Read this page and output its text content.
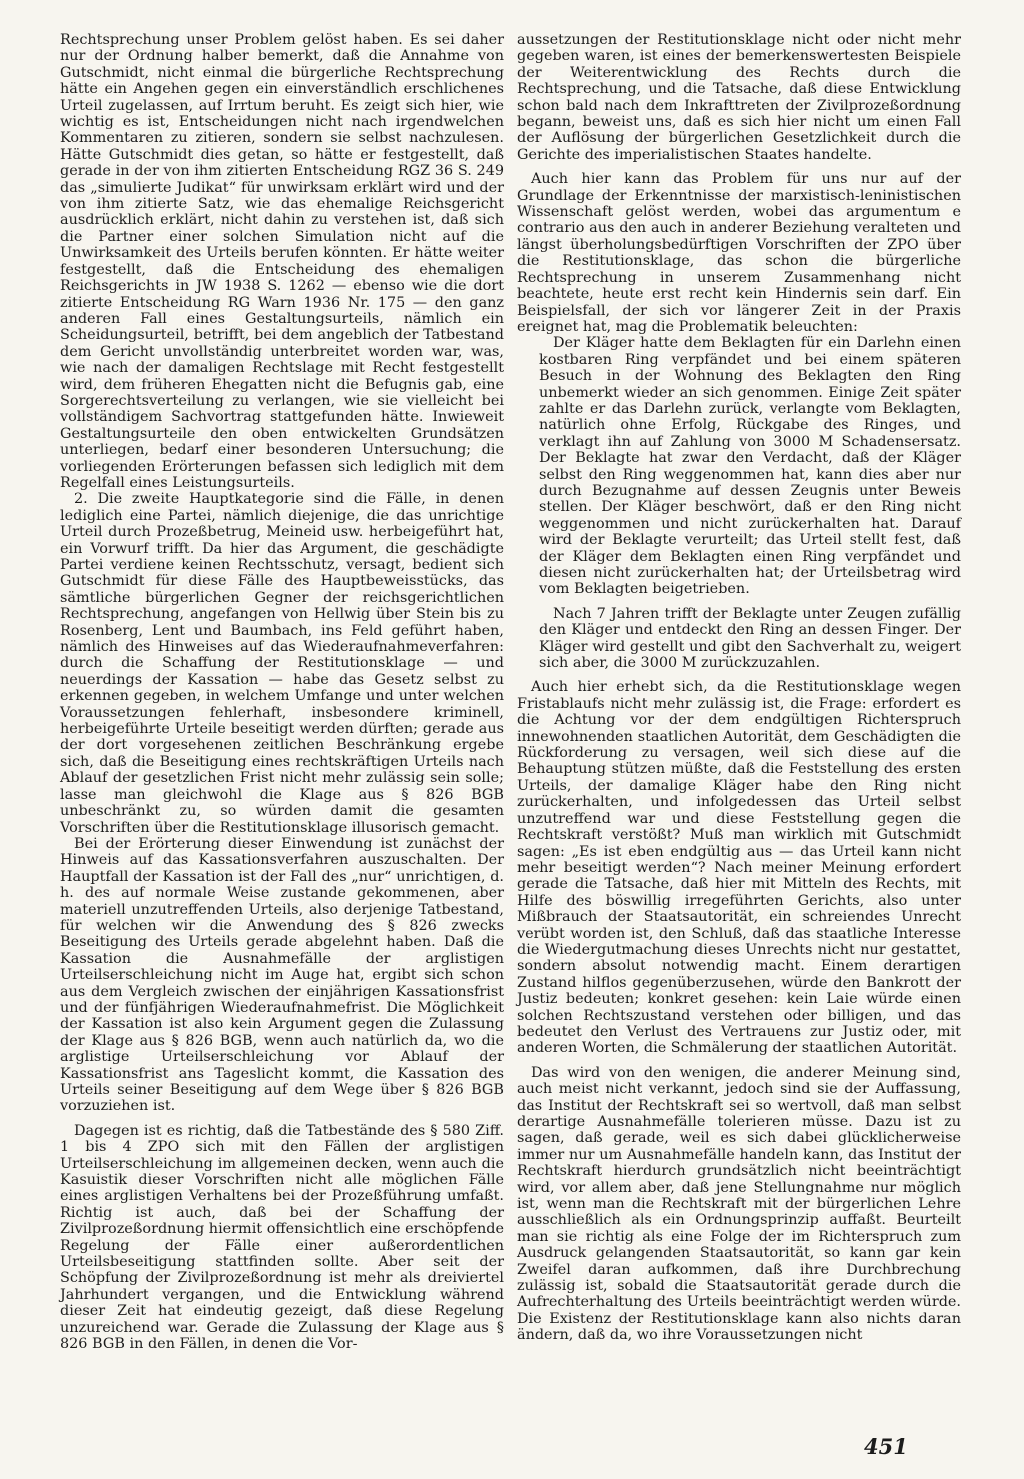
Rechtsprechung unser Problem gelöst haben. Es sei daher nur der Ordnung halber bemerkt, daß die Annahme von Gutschmidt, nicht einmal die bürgerliche Rechtsprechung hätte ein Angehen gegen ein einverständlich erschlichenes Urteil zugelassen, auf Irrtum beruht. Es zeigt sich hier, wie wichtig es ist, Entscheidungen nicht nach irgendwelchen Kommentaren zu zitieren, sondern sie selbst nachzulesen. Hätte Gutschmidt dies getan, so hätte er festgestellt, daß gerade in der von ihm zitierten Entscheidung RGZ 36 S. 249 das „simulierte Judikat“ für unwirksam erklärt wird und der von ihm zitierte Satz, wie das ehemalige Reichsgericht ausdrücklich erklärt, nicht dahin zu verstehen ist, daß sich die Partner einer solchen Simulation nicht auf die Unwirksamkeit des Urteils berufen könnten. Er hätte weiter festgestellt, daß die Entscheidung des ehemaligen Reichsgerichts in JW 1938 S. 1262 — ebenso wie die dort zitierte Entscheidung RG Warn 1936 Nr. 175 — den ganz anderen Fall eines Gestaltungsurteils, nämlich ein Scheidungsurteil, betrifft, bei dem angeblich der Tatbestand dem Gericht unvollständig unterbreitet worden war, was, wie nach der damaligen Rechtslage mit Recht festgestellt wird, dem früheren Ehegatten nicht die Befugnis gab, eine Sorgerechtsverteilung zu verlangen, wie sie vielleicht bei vollständigem Sachvortrag stattgefunden hätte. Inwieweit Gestaltungsurteile den oben entwickelten Grundsätzen unterliegen, bedarf einer besonderen Untersuchung; die vorliegenden Erörterungen befassen sich lediglich mit dem Regelfall eines Leistungsurteils.

2. Die zweite Hauptkategorie sind die Fälle, in denen lediglich eine Partei, nämlich diejenige, die das unrichtige Urteil durch Prozeßbetrug, Meineid usw. herbeigeführt hat, ein Vorwurf trifft. Da hier das Argument, die geschädigte Partei verdiene keinen Rechtsschutz, versagt, bedient sich Gutschmidt für diese Fälle des Hauptbeweisstücks, das sämtliche bürgerlichen Gegner der reichsgerichtlichen Rechtsprechung, angefangen von Hellwig über Stein bis zu Rosenberg, Lent und Baumbach, ins Feld geführt haben, nämlich des Hinweises auf das Wiederaufnahmeverfahren: durch die Schaffung der Restitutionsklage — und neuerdings der Kassation — habe das Gesetz selbst zu erkennen gegeben, in welchem Umfange und unter welchen Voraussetzungen fehlerhaft, insbesondere kriminell, herbeigeführte Urteile beseitigt werden dürften; gerade aus der dort vorgesehenen zeitlichen Beschränkung ergebe sich, daß die Beseitigung eines rechtskräftigen Urteils nach Ablauf der gesetzlichen Frist nicht mehr zulässig sein solle; lasse man gleichwohl die Klage aus § 826 BGB unbeschränkt zu, so würden damit die gesamten Vorschriften über die Restitutionsklage illusorisch gemacht.

Bei der Erörterung dieser Einwendung ist zunächst der Hinweis auf das Kassationsverfahren auszuschalten. Der Hauptfall der Kassation ist der Fall des „nur“ unrichtigen, d. h. des auf normale Weise zustande gekommenen, aber materiell unzutreffenden Urteils, also derjenige Tatbestand, für welchen wir die Anwendung des § 826 zwecks Beseitigung des Urteils gerade abgelehnt haben. Daß die Kassation die Ausnahmefälle der arglistigen Urteilserschleichung nicht im Auge hat, ergibt sich schon aus dem Vergleich zwischen der einjährigen Kassationsfrist und der fünfjährigen Wiederaufnahmefrist. Die Möglichkeit der Kassation ist also kein Argument gegen die Zulassung der Klage aus § 826 BGB, wenn auch natürlich da, wo die arglistige Urteilserschleichung vor Ablauf der Kassationsfrist ans Tageslicht kommt, die Kassation des Urteils seiner Beseitigung auf dem Wege über § 826 BGB vorzuziehen ist.

Dagegen ist es richtig, daß die Tatbestände des § 580 Ziff. 1 bis 4 ZPO sich mit den Fällen der arglistigen Urteilserschleichung im allgemeinen decken, wenn auch die Kasuistik dieser Vorschriften nicht alle möglichen Fälle eines arglistigen Verhaltens bei der Prozeßführung umfaßt. Richtig ist auch, daß bei der Schaffung der Zivilprozeßordnung hiermit offensichtlich eine erschöpfende Regelung der Fälle einer außerordentlichen Urteilsbeseitigung stattfinden sollte. Aber seit der Schöpfung der Zivilprozeßordnung ist mehr als dreiviertel Jahrhundert vergangen, und die Entwicklung während dieser Zeit hat eindeutig gezeigt, daß diese Regelung unzureichend war. Gerade die Zulassung der Klage aus § 826 BGB in den Fällen, in denen die Vor-

aussetzungen der Restitutionsklage nicht oder nicht mehr gegeben waren, ist eines der bemerkenswertesten Beispiele der Weiterentwicklung des Rechts durch die Rechtsprechung, und die Tatsache, daß diese Entwicklung schon bald nach dem Inkrafttreten der Zivilprozeßordnung begann, beweist uns, daß es sich hier nicht um einen Fall der Auflösung der bürgerlichen Gesetzlichkeit durch die Gerichte des imperialistischen Staates handelte.

Auch hier kann das Problem für uns nur auf der Grundlage der Erkenntnisse der marxistisch-leninistischen Wissenschaft gelöst werden, wobei das argumentum e contrario aus den auch in anderer Beziehung veralteten und längst überholungsbedürftigen Vorschriften der ZPO über die Restitutionsklage, das schon die bürgerliche Rechtsprechung in unserem Zusammenhang nicht beachtete, heute erst recht kein Hindernis sein darf. Ein Beispielsfall, der sich vor längerer Zeit in der Praxis ereignet hat, mag die Problematik beleuchten:

Der Kläger hatte dem Beklagten für ein Darlehn einen kostbaren Ring verpfändet und bei einem späteren Besuch in der Wohnung des Beklagten den Ring unbemerkt wieder an sich genommen. Einige Zeit später zahlte er das Darlehn zurück, verlangte vom Beklagten, natürlich ohne Erfolg, Rückgabe des Ringes, und verklagt ihn auf Zahlung von 3000 M Schadensersatz. Der Beklagte hat zwar den Verdacht, daß der Kläger selbst den Ring weggenommen hat, kann dies aber nur durch Bezugnahme auf dessen Zeugnis unter Beweis stellen. Der Kläger beschwört, daß er den Ring nicht weggenommen und nicht zurückerhalten hat. Darauf wird der Beklagte verurteilt; das Urteil stellt fest, daß der Kläger dem Beklagten einen Ring verpfändet und diesen nicht zurückerhalten hat; der Urteilsbetrag wird vom Beklagten beigetrieben.

Nach 7 Jahren trifft der Beklagte unter Zeugen zufällig den Kläger und entdeckt den Ring an dessen Finger. Der Kläger wird gestellt und gibt den Sachverhalt zu, weigert sich aber, die 3000 M zurückzuzahlen.

Auch hier erhebt sich, da die Restitutionsklage wegen Fristablaufs nicht mehr zulässig ist, die Frage: erfordert es die Achtung vor der dem endgültigen Richterspruch innewohnenden staatlichen Autorität, dem Geschädigten die Rückforderung zu versagen, weil sich diese auf die Behauptung stützen müßte, daß die Feststellung des ersten Urteils, der damalige Kläger habe den Ring nicht zurückerhalten, und infolgedessen das Urteil selbst unzutreffend war und diese Feststellung gegen die Rechtskraft verstößt? Muß man wirklich mit Gutschmidt sagen: „Es ist eben endgültig aus — das Urteil kann nicht mehr beseitigt werden“? Nach meiner Meinung erfordert gerade die Tatsache, daß hier mit Mitteln des Rechts, mit Hilfe des böswillig irregeführten Gerichts, also unter Mißbrauch der Staatsautorität, ein schreiendes Unrecht verübt worden ist, den Schluß, daß das staatliche Interesse die Wiedergutmachung dieses Unrechts nicht nur gestattet, sondern absolut notwendig macht. Einem derartigen Zustand hilflos gegenüberzusehen, würde den Bankrott der Justiz bedeuten; konkret gesehen: kein Laie würde einen solchen Rechtszustand verstehen oder billigen, und das bedeutet den Verlust des Vertrauens zur Justiz oder, mit anderen Worten, die Schmälerung der staatlichen Autorität.

Das wird von den wenigen, die anderer Meinung sind, auch meist nicht verkannt, jedoch sind sie der Auffassung, das Institut der Rechtskraft sei so wertvoll, daß man selbst derartige Ausnahmefälle tolerieren müsse. Dazu ist zu sagen, daß gerade, weil es sich dabei glücklicherweise immer nur um Ausnahmefälle handeln kann, das Institut der Rechtskraft hierdurch grundsätzlich nicht beeinträchtigt wird, vor allem aber, daß jene Stellungnahme nur möglich ist, wenn man die Rechtskraft mit der bürgerlichen Lehre ausschließlich als ein Ordnungsprinzip auffaßt. Beurteilt man sie richtig als eine Folge der im Richterspruch zum Ausdruck gelangenden Staatsautorität, so kann gar kein Zweifel daran aufkommen, daß ihre Durchbrechung zulässig ist, sobald die Staatsautorität gerade durch die Aufrechterhaltung des Urteils beeinträchtigt werden würde. Die Existenz der Restitutionsklage kann also nichts daran ändern, daß da, wo ihre Voraussetzungen nicht

451
